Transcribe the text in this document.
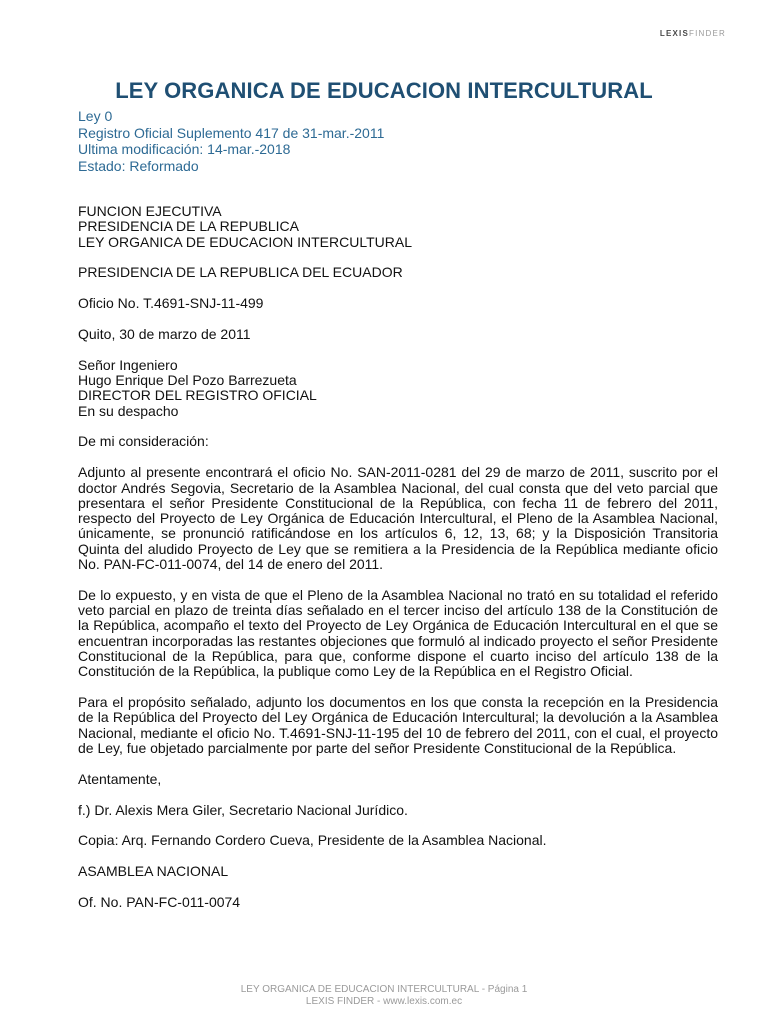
LEXISFINDER
LEY ORGANICA DE EDUCACION INTERCULTURAL
Ley 0
Registro Oficial Suplemento 417 de 31-mar.-2011
Ultima modificación: 14-mar.-2018
Estado: Reformado

FUNCION EJECUTIVA
PRESIDENCIA DE LA REPUBLICA
LEY ORGANICA DE EDUCACION INTERCULTURAL

PRESIDENCIA DE LA REPUBLICA DEL ECUADOR

Oficio No. T.4691-SNJ-11-499

Quito, 30 de marzo de 2011

Señor Ingeniero
Hugo Enrique Del Pozo Barrezueta
DIRECTOR DEL REGISTRO OFICIAL
En su despacho

De mi consideración:

Adjunto al presente encontrará el oficio No. SAN-2011-0281 del 29 de marzo de 2011, suscrito por el doctor Andrés Segovia, Secretario de la Asamblea Nacional, del cual consta que del veto parcial que presentara el señor Presidente Constitucional de la República, con fecha 11 de febrero del 2011, respecto del Proyecto de Ley Orgánica de Educación Intercultural, el Pleno de la Asamblea Nacional, únicamente, se pronunció ratificándose en los artículos 6, 12, 13, 68; y la Disposición Transitoria Quinta del aludido Proyecto de Ley que se remitiera a la Presidencia de la República mediante oficio No. PAN-FC-011-0074, del 14 de enero del 2011.

De lo expuesto, y en vista de que el Pleno de la Asamblea Nacional no trató en su totalidad el referido veto parcial en plazo de treinta días señalado en el tercer inciso del artículo 138 de la Constitución de la República, acompaño el texto del Proyecto de Ley Orgánica de Educación Intercultural en el que se encuentran incorporadas las restantes objeciones que formuló al indicado proyecto el señor Presidente Constitucional de la República, para que, conforme dispone el cuarto inciso del artículo 138 de la Constitución de la República, la publique como Ley de la República en el Registro Oficial.

Para el propósito señalado, adjunto los documentos en los que consta la recepción en la Presidencia de la República del Proyecto del Ley Orgánica de Educación Intercultural; la devolución a la Asamblea Nacional, mediante el oficio No. T.4691-SNJ-11-195 del 10 de febrero del 2011, con el cual, el proyecto de Ley, fue objetado parcialmente por parte del señor Presidente Constitucional de la República.

Atentamente,

f.) Dr. Alexis Mera Giler, Secretario Nacional Jurídico.

Copia: Arq. Fernando Cordero Cueva, Presidente de la Asamblea Nacional.

ASAMBLEA NACIONAL

Of. No. PAN-FC-011-0074

LEY ORGANICA DE EDUCACION INTERCULTURAL - Página 1
LEXIS FINDER - www.lexis.com.ec
